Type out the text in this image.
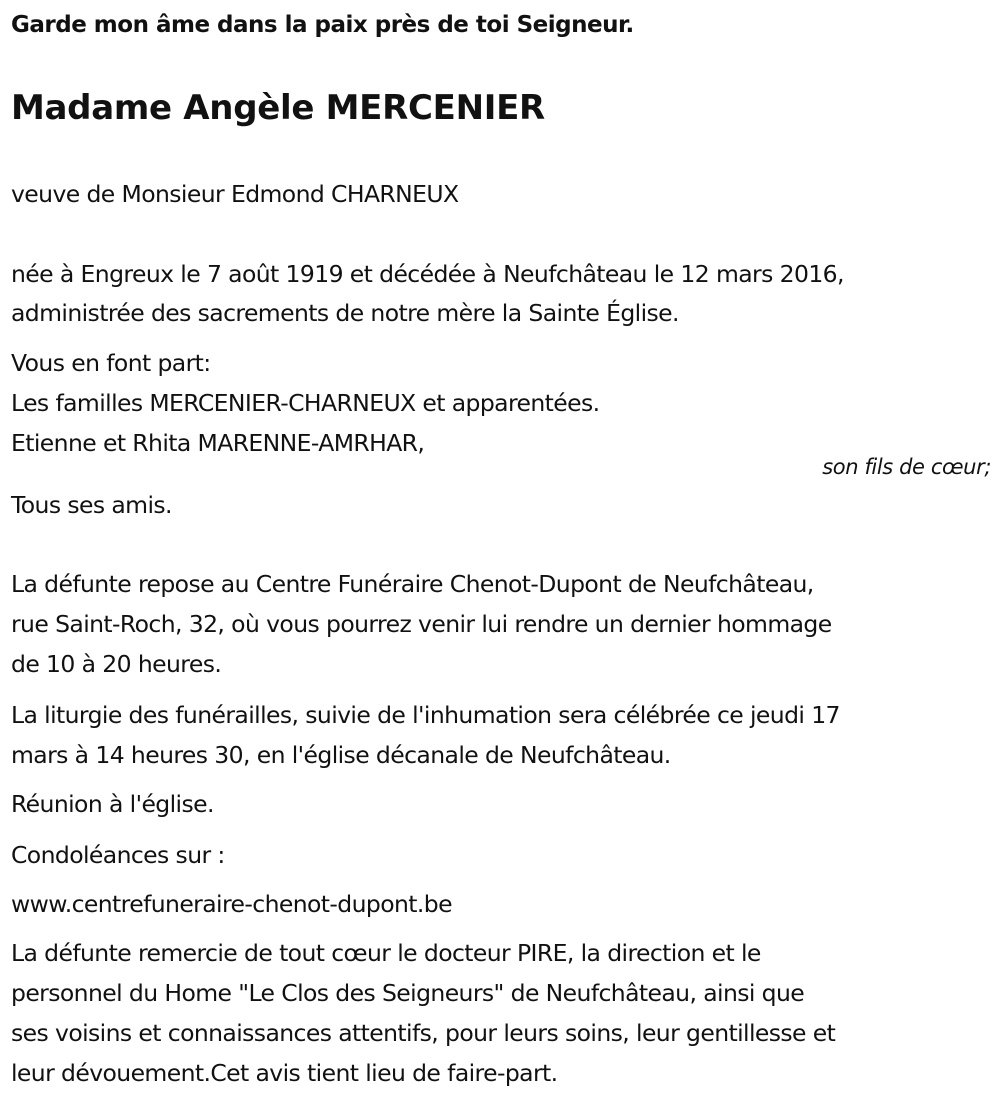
Garde mon âme dans la paix près de toi Seigneur.
Madame Angèle MERCENIER
veuve de Monsieur Edmond CHARNEUX
née à Engreux le 7 août 1919 et décédée à Neufchâteau le 12 mars 2016,
administrée des sacrements de notre mère la Sainte Église.
Vous en font part:
Les familles MERCENIER-CHARNEUX et apparentées.
Etienne et Rhita MARENNE-AMRHAR,
son fils de cœur;
Tous ses amis.
La défunte repose au Centre Funéraire Chenot-Dupont de Neufchâteau,
rue Saint-Roch, 32, où vous pourrez venir lui rendre un dernier hommage
de 10 à 20 heures.
La liturgie des funérailles, suivie de l'inhumation sera célébrée ce jeudi 17
mars à 14 heures 30, en l'église décanale de Neufchâteau.
Réunion à l'église.
Condoléances sur :
www.centrefuneraire-chenot-dupont.be
La défunte remercie de tout cœur le docteur PIRE, la direction et le
personnel du Home "Le Clos des Seigneurs" de Neufchâteau, ainsi que
ses voisins et connaissances attentifs, pour leurs soins, leur gentillesse et
leur dévouement.Cet avis tient lieu de faire-part.
